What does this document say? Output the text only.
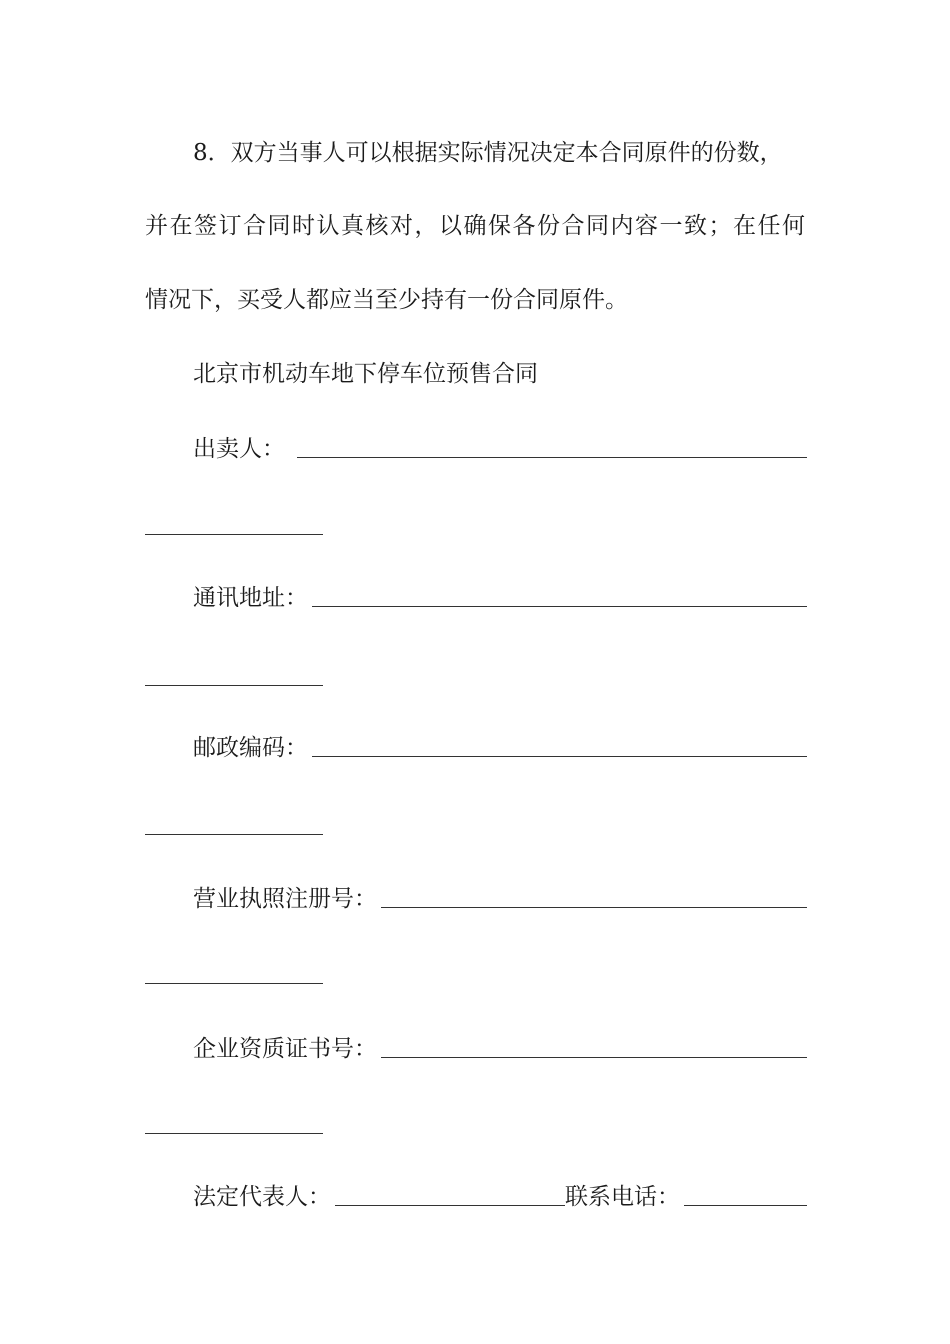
8．双方当事人可以根据实际情况决定本合同原件的份数，
并在签订合同时认真核对，以确保各份合同内容一致；在任何
情况下，买受人都应当至少持有一份合同原件。
北京市机动车地下停车位预售合同
出卖人：
通讯地址：
邮政编码：
营业执照注册号：
企业资质证书号：
法定代表人：	联系电话：
